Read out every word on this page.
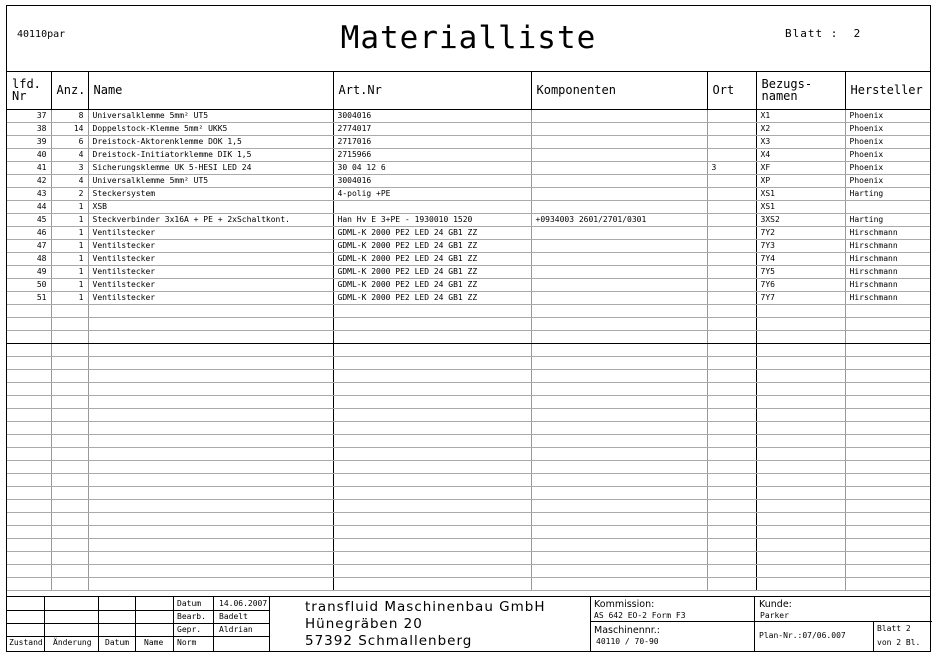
40110par	Materialliste	Blatt : 2
lfd. Nr	Anz.	Name	Art.Nr	Komponenten	Ort	Bezugs- namen	Hersteller
37	8	Universalklemme 5mm² UT5	3004016			X1	Phoenix
38	14	Doppelstock-Klemme 5mm² UKK5	2774017			X2	Phoenix
39	6	Dreistock-Aktorenklemme DOK 1,5	2717016			X3	Phoenix
40	4	Dreistock-Initiatorklemme DIK 1,5	2715966			X4	Phoenix
41	3	Sicherungsklemme UK 5-HESI LED 24	30 04 12 6		3	XF	Phoenix
42	4	Universalklemme 5mm² UT5	3004016			XP	Phoenix
43	2	Steckersystem	4-polig +PE			XS1	Harting
44	1	XSB				XS1	
45	1	Steckverbinder 3x16A + PE + 2xSchaltkont.	Han Hv E 3+PE - 1930010 1520	+0934003 2601/2701/0301		3XS2	Harting
46	1	Ventilstecker	GDML-K 2000 PE2 LED 24 GB1 ZZ			7Y2	Hirschmann
47	1	Ventilstecker	GDML-K 2000 PE2 LED 24 GB1 ZZ			7Y3	Hirschmann
48	1	Ventilstecker	GDML-K 2000 PE2 LED 24 GB1 ZZ			7Y4	Hirschmann
49	1	Ventilstecker	GDML-K 2000 PE2 LED 24 GB1 ZZ			7Y5	Hirschmann
50	1	Ventilstecker	GDML-K 2000 PE2 LED 24 GB1 ZZ			7Y6	Hirschmann
51	1	Ventilstecker	GDML-K 2000 PE2 LED 24 GB1 ZZ			7Y7	Hirschmann

Datum 14.06.2007
Bearb. Badelt
Gepr. Aldrian
Norm
Zustand Änderung Datum Name
transfluid Maschinenbau GmbH
Hünegräben 20
57392 Schmallenberg
Kommission:
AS 642 EO-2 Form F3
Maschinennr.:
40110 / 70-90
Kunde:
Parker
Plan-Nr.:07/06.007
Blatt 2
von 2 Bl.
